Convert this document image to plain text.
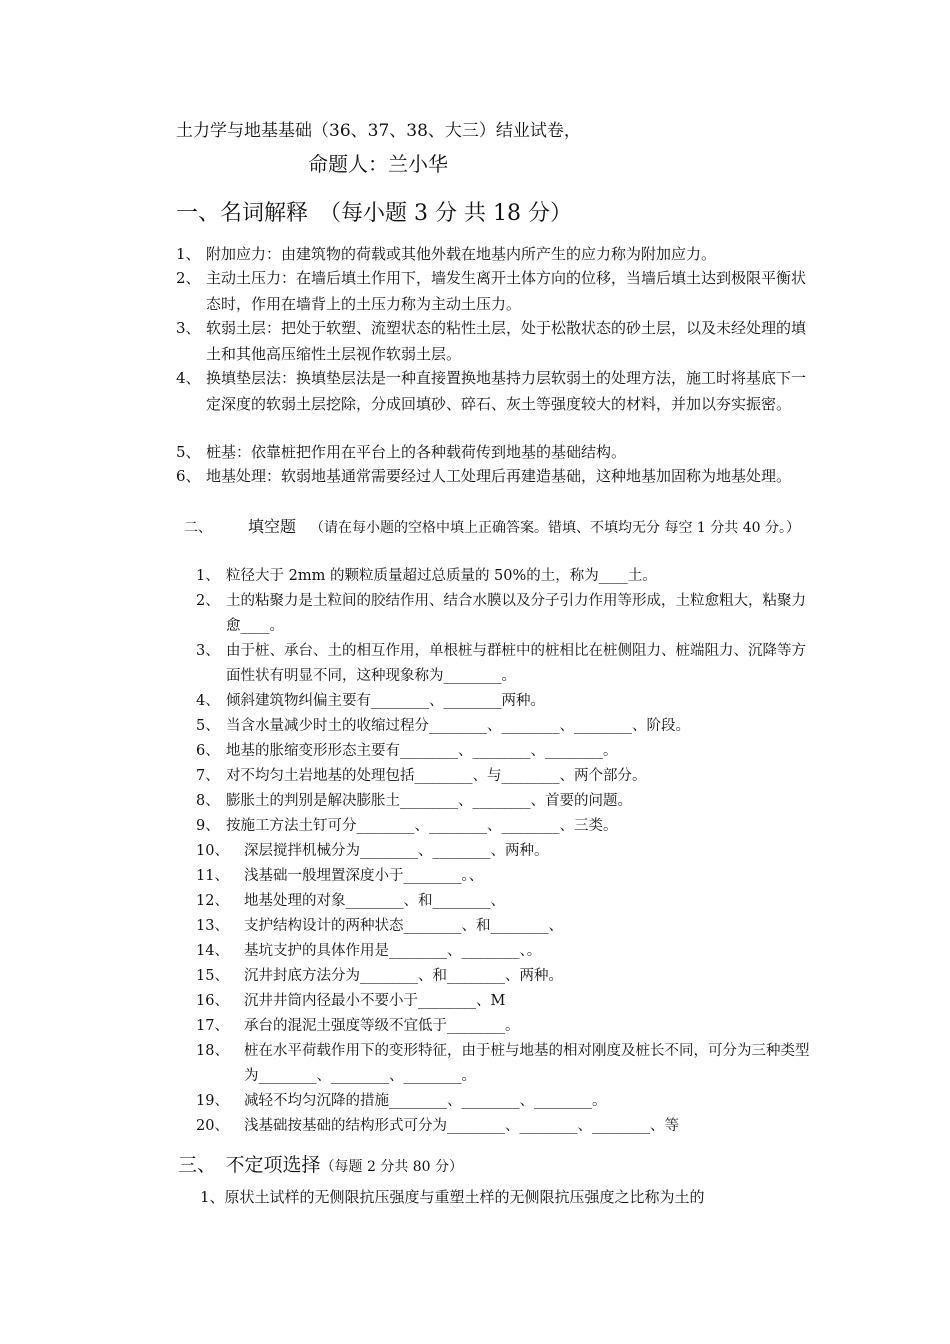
土力学与地基基础（36、37、38、大三）结业试卷，
命题人：兰小华
一、名词解释　（每小题 3 分 共 18 分）
1、 附加应力：由建筑物的荷载或其他外载在地基内所产生的应力称为附加应力。
2、 主动土压力：在墙后填土作用下，墙发生离开土体方向的位移，当墙后填土达到极限平衡状态时，作用在墙背上的土压力称为主动土压力。
3、 软弱土层：把处于软塑、流塑状态的粘性土层，处于松散状态的砂土层，以及未经处理的填土和其他高压缩性土层视作软弱土层。
4、 换填垫层法：换填垫层法是一种直接置换地基持力层软弱土的处理方法，施工时将基底下一定深度的软弱土层挖除，分成回填砂、碎石、灰土等强度较大的材料，并加以夯实振密。
5、 桩基：依靠桩把作用在平台上的各种载荷传到地基的基础结构。
6、 地基处理：软弱地基通常需要经过人工处理后再建造基础，这种地基加固称为地基处理。
二、 填空题 （请在每小题的空格中填上正确答案。错填、不填均无分 每空 1 分共 40 分。）
1、 粒径大于 2mm 的颗粒质量超过总质量的 50%的土，称为____土。
2、 土的粘聚力是土粒间的胶结作用、结合水膜以及分子引力作用等形成，土粒愈粗大，粘聚力愈____。
3、 由于桩、承台、土的相互作用，单根桩与群桩中的桩相比在桩侧阻力、桩端阻力、沉降等方面性状有明显不同，这种现象称为________。
4、 倾斜建筑物纠偏主要有________、________两种。
5、 当含水量减少时土的收缩过程分________、________、________、阶段。
6、 地基的胀缩变形形态主要有________、________、________。
7、 对不均匀土岩地基的处理包括________、与________、两个部分。
8、 膨胀土的判别是解决膨胀土________、________、首要的问题。
9、 按施工方法土钉可分________、________、________、三类。
10、	深层搅拌机械分为________、________、两种。
11、	浅基础一般埋置深度小于________。、
12、	地基处理的对象________、和________、
13、	支护结构设计的两种状态________、和________、
14、	基坑支护的具体作用是________、________、。
15、	沉井封底方法分为________、和________、两种。
16、	沉井井筒内径最小不要小于________、M
17、	承台的混泥土强度等级不宜低于________。
18、	桩在水平荷载作用下的变形特征，由于桩与地基的相对刚度及桩长不同，可分为三种类型为________、________、________。
19、	减轻不均匀沉降的措施________、________、________。
20、	浅基础按基础的结构形式可分为________、________、________、等
三、　不定项选择（每题 2 分共 80 分）
1、原状土试样的无侧限抗压强度与重塑土样的无侧限抗压强度之比称为土的
